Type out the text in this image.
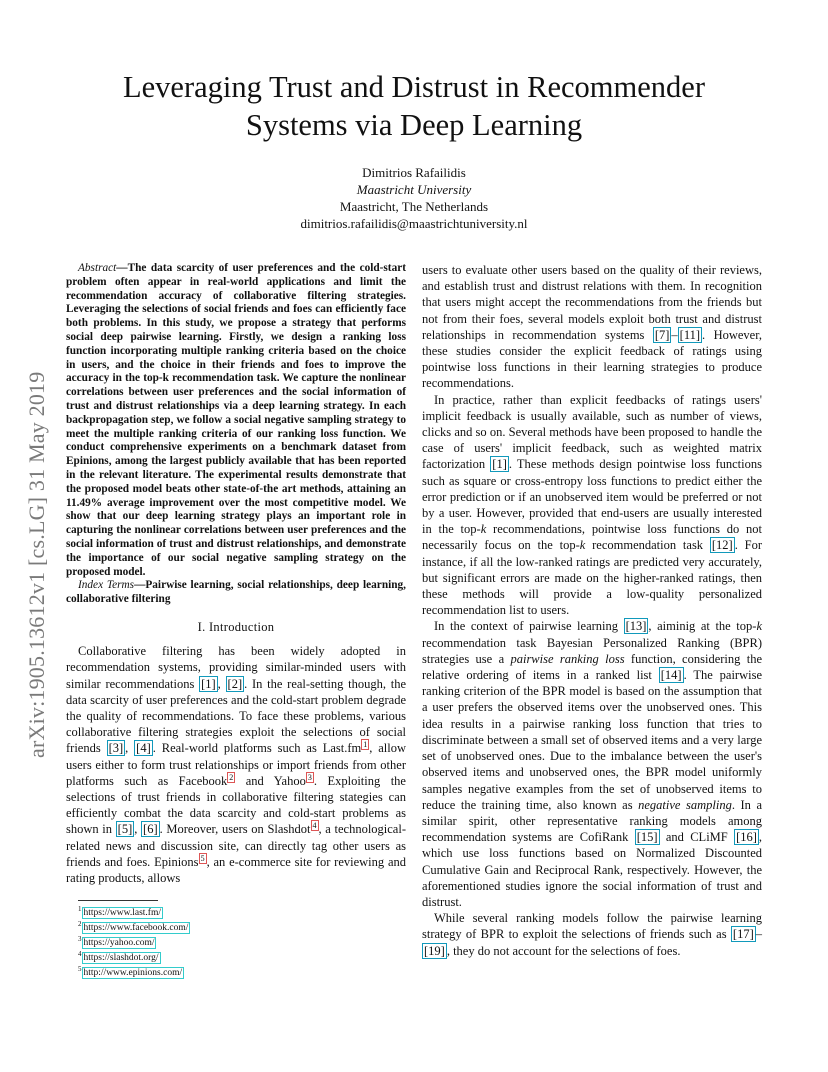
Leveraging Trust and Distrust in Recommender
Systems via Deep Learning
Dimitrios Rafailidis
Maastricht University
Maastricht, The Netherlands
dimitrios.rafailidis@maastrichtuniversity.nl
arXiv:1905.13612v1 [cs.LG] 31 May 2019

Abstract—The data scarcity of user preferences and the cold-start problem often appear in real-world applications and limit the recommendation accuracy of collaborative filtering strategies. Leveraging the selections of social friends and foes can efficiently face both problems. In this study, we propose a strategy that performs social deep pairwise learning. Firstly, we design a ranking loss function incorporating multiple ranking criteria based on the choice in users, and the choice in their friends and foes to improve the accuracy in the top-k recommendation task. We capture the nonlinear correlations between user preferences and the social information of trust and distrust relationships via a deep learning strategy. In each backpropagation step, we follow a social negative sampling strategy to meet the multiple ranking criteria of our ranking loss function. We conduct comprehensive experiments on a benchmark dataset from Epinions, among the largest publicly available that has been reported in the relevant literature. The experimental results demonstrate that the proposed model beats other state-of-the art methods, attaining an 11.49% average improvement over the most competitive model. We show that our deep learning strategy plays an important role in capturing the nonlinear correlations between user preferences and the social information of trust and distrust relationships, and demonstrate the importance of our social negative sampling strategy on the proposed model.

Index Terms—Pairwise learning, social relationships, deep learning, collaborative filtering

I. Introduction

Collaborative filtering has been widely adopted in recommendation systems, providing similar-minded users with similar recommendations [1] , [2] . In the real-setting though, the data scarcity of user preferences and the cold-start problem degrade the quality of recommendations. To face these problems, various collaborative filtering strategies exploit the selections of social friends [3] , [4] . Real-world platforms such as Last.fm $^1$ , allow users either to form trust relationships or import friends from other platforms such as Facebook $^2$ and Yahoo $^3$ . Exploiting the selections of trust friends in collaborative filtering stategies can efficiently combat the data scarcity and cold-start problems as shown in [5] , [6] . Moreover, users on Slashdot $^4$ , a technological-related news and discussion site, can directly tag other users as friends and foes. Epinions $^5$ , an e-commerce site for reviewing and rating products, allows

$^1$ https://www.last.fm/
$^2$ https://www.facebook.com/
$^3$ https://yahoo.com/
$^4$ https://slashdot.org/
$^5$ http://www.epinions.com/

users to evaluate other users based on the quality of their reviews, and establish trust and distrust relations with them. In recognition that users might accept the recommendations from the friends but not from their foes, several models exploit both trust and distrust relationships in recommendation systems [7] – [11] . However, these studies consider the explicit feedback of ratings using pointwise loss functions in their learning strategies to produce recommendations.

In practice, rather than explicit feedbacks of ratings users' implicit feedback is usually available, such as number of views, clicks and so on. Several methods have been proposed to handle the case of users' implicit feedback, such as weighted matrix factorization [1] . These methods design pointwise loss functions such as square or cross-entropy loss functions to predict either the error prediction or if an unobserved item would be preferred or not by a user. However, provided that end-users are usually interested in the top-k recommendations, pointwise loss functions do not necessarily focus on the top-k recommendation task [12] . For instance, if all the low-ranked ratings are predicted very accurately, but significant errors are made on the higher-ranked ratings, then these methods will provide a low-quality personalized recommendation list to users.

In the context of pairwise learning [13] , aiminig at the top-k recommendation task Bayesian Personalized Ranking (BPR) strategies use a pairwise ranking loss function, considering the relative ordering of items in a ranked list [14] . The pairwise ranking criterion of the BPR model is based on the assumption that a user prefers the observed items over the unobserved ones. This idea results in a pairwise ranking loss function that tries to discriminate between a small set of observed items and a very large set of unobserved ones. Due to the imbalance between the user's observed items and unobserved ones, the BPR model uniformly samples negative examples from the set of unobserved items to reduce the training time, also known as negative sampling. In a similar spirit, other representative ranking models among recommendation systems are CofiRank [15] and CLiMF [16] , which use loss functions based on Normalized Discounted Cumulative Gain and Reciprocal Rank, respectively. However, the aforementioned studies ignore the social information of trust and distrust.

While several ranking models follow the pairwise learning strategy of BPR to exploit the selections of friends such as [17] –[19] , they do not account for the selections of foes.
